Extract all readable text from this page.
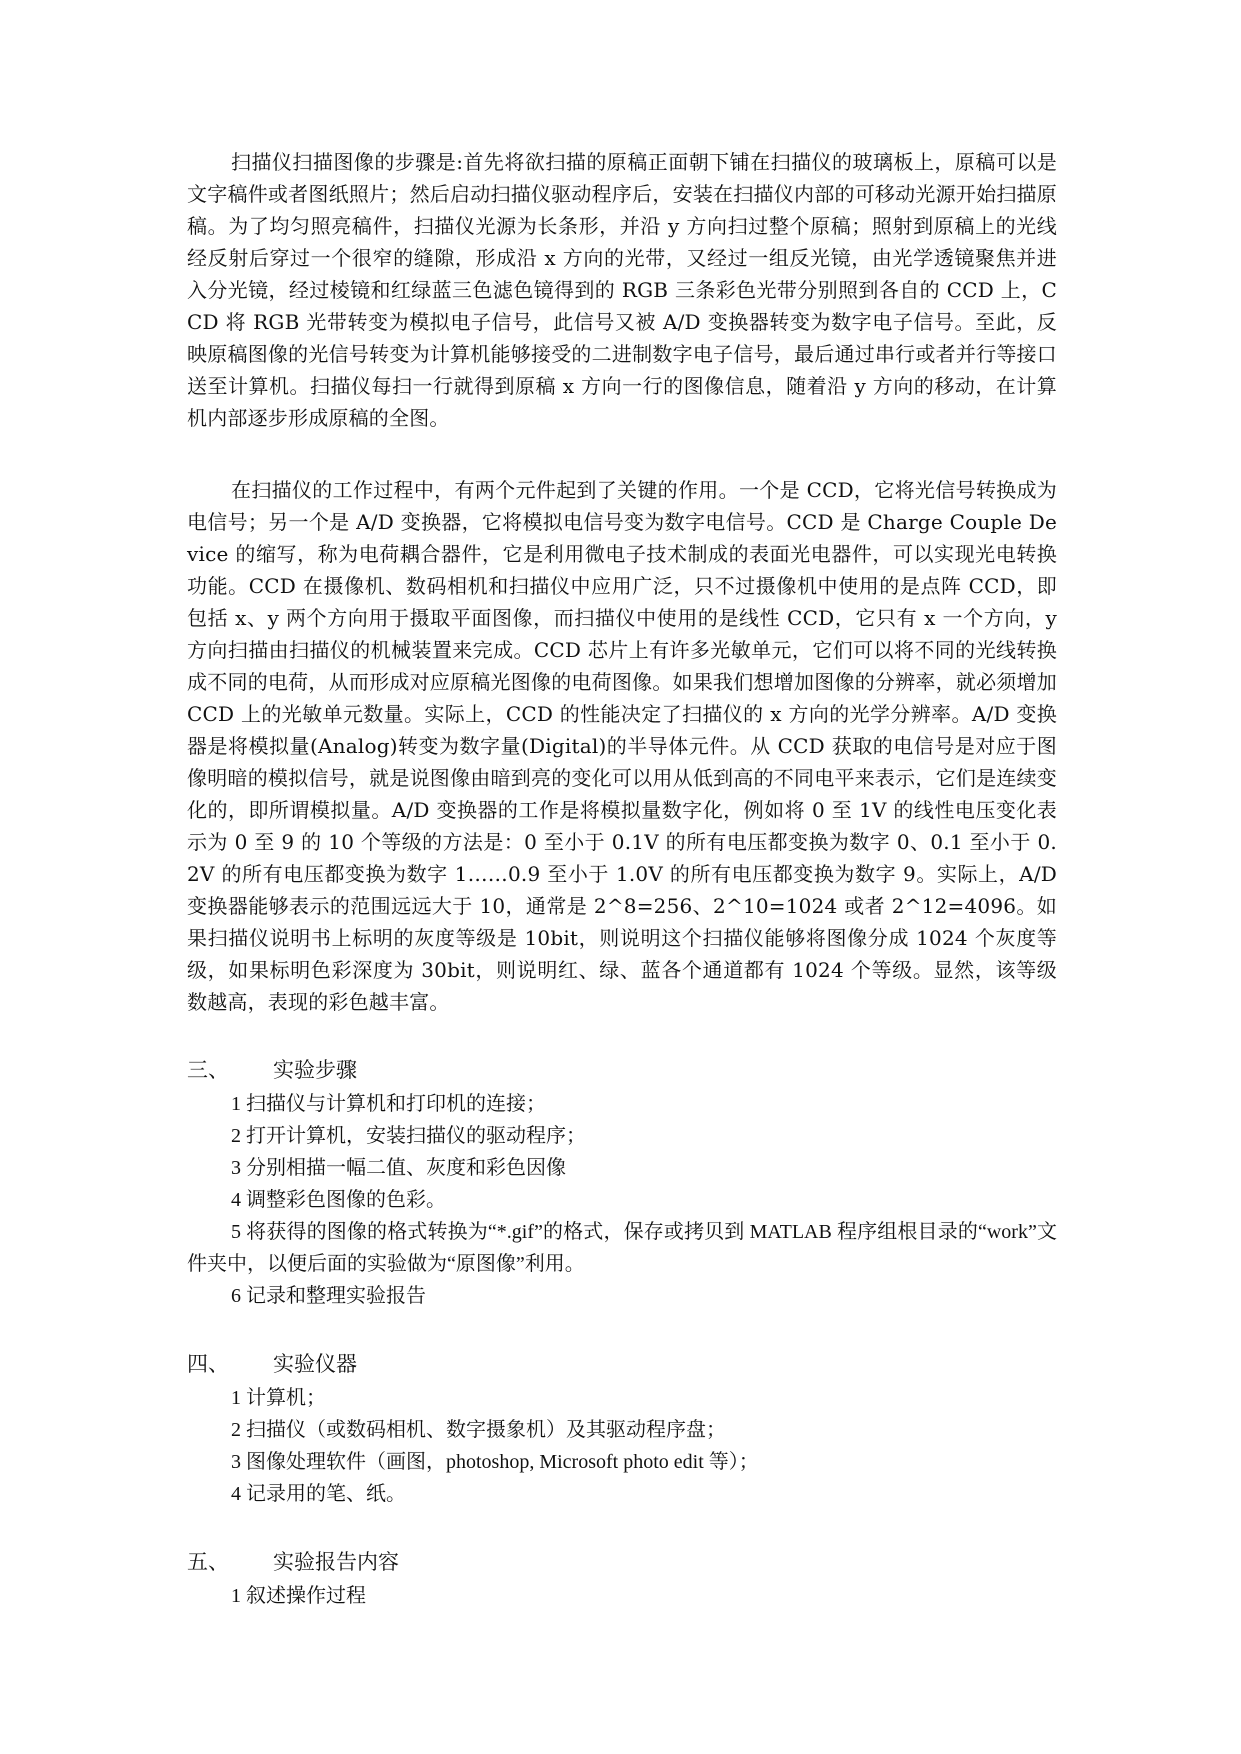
扫描仪扫描图像的步骤是:首先将欲扫描的原稿正面朝下铺在扫描仪的玻璃板上，原稿可以是文字稿件或者图纸照片；然后启动扫描仪驱动程序后，安装在扫描仪内部的可移动光源开始扫描原稿。为了均匀照亮稿件，扫描仪光源为长条形，并沿 y 方向扫过整个原稿；照射到原稿上的光线经反射后穿过一个很窄的缝隙，形成沿 x 方向的光带，又经过一组反光镜，由光学透镜聚焦并进入分光镜，经过棱镜和红绿蓝三色滤色镜得到的 RGB 三条彩色光带分别照到各自的 CCD 上，CCD 将 RGB 光带转变为模拟电子信号，此信号又被 A/D 变换器转变为数字电子信号。至此，反映原稿图像的光信号转变为计算机能够接受的二进制数字电子信号，最后通过串行或者并行等接口送至计算机。扫描仪每扫一行就得到原稿 x 方向一行的图像信息，随着沿 y 方向的移动，在计算机内部逐步形成原稿的全图。

在扫描仪的工作过程中，有两个元件起到了关键的作用。一个是 CCD，它将光信号转换成为电信号；另一个是 A/D 变换器，它将模拟电信号变为数字电信号。CCD 是 Charge Couple Device 的缩写，称为电荷耦合器件，它是利用微电子技术制成的表面光电器件，可以实现光电转换功能。CCD 在摄像机、数码相机和扫描仪中应用广泛，只不过摄像机中使用的是点阵 CCD，即包括 x、y 两个方向用于摄取平面图像，而扫描仪中使用的是线性 CCD，它只有 x 一个方向，y 方向扫描由扫描仪的机械装置来完成。CCD 芯片上有许多光敏单元，它们可以将不同的光线转换成不同的电荷，从而形成对应原稿光图像的电荷图像。如果我们想增加图像的分辨率，就必须增加 CCD 上的光敏单元数量。实际上，CCD 的性能决定了扫描仪的 x 方向的光学分辨率。A/D 变换器是将模拟量(Analog)转变为数字量(Digital)的半导体元件。从 CCD 获取的电信号是对应于图像明暗的模拟信号，就是说图像由暗到亮的变化可以用从低到高的不同电平来表示，它们是连续变化的，即所谓模拟量。A/D 变换器的工作是将模拟量数字化，例如将 0 至 1V 的线性电压变化表示为 0 至 9 的 10 个等级的方法是：0 至小于 0.1V 的所有电压都变换为数字 0、0.1 至小于 0.2V 的所有电压都变换为数字 1……0.9 至小于 1.0V 的所有电压都变换为数字 9。实际上，A/D 变换器能够表示的范围远远大于 10，通常是 2^8=256、2^10=1024 或者 2^12=4096。如果扫描仪说明书上标明的灰度等级是 10bit，则说明这个扫描仪能够将图像分成 1024 个灰度等级，如果标明色彩深度为 30bit，则说明红、绿、蓝各个通道都有 1024 个等级。显然，该等级数越高，表现的彩色越丰富。

三、	实验步骤

1 扫描仪与计算机和打印机的连接；

2 打开计算机，安装扫描仪的驱动程序；

3 分别相描一幅二值、灰度和彩色因像

4 调整彩色图像的色彩。

5 将获得的图像的格式转换为“*.gif”的格式，保存或拷贝到 MATLAB 程序组根目录的“work”文件夹中，以便后面的实验做为“原图像”利用。

6 记录和整理实验报告

四、	实验仪器

1 计算机；

2 扫描仪（或数码相机、数字摄象机）及其驱动程序盘；

3 图像处理软件（画图，photoshop, Microsoft photo edit 等）；

4 记录用的笔、纸。

五、	实验报告内容

1 叙述操作过程
